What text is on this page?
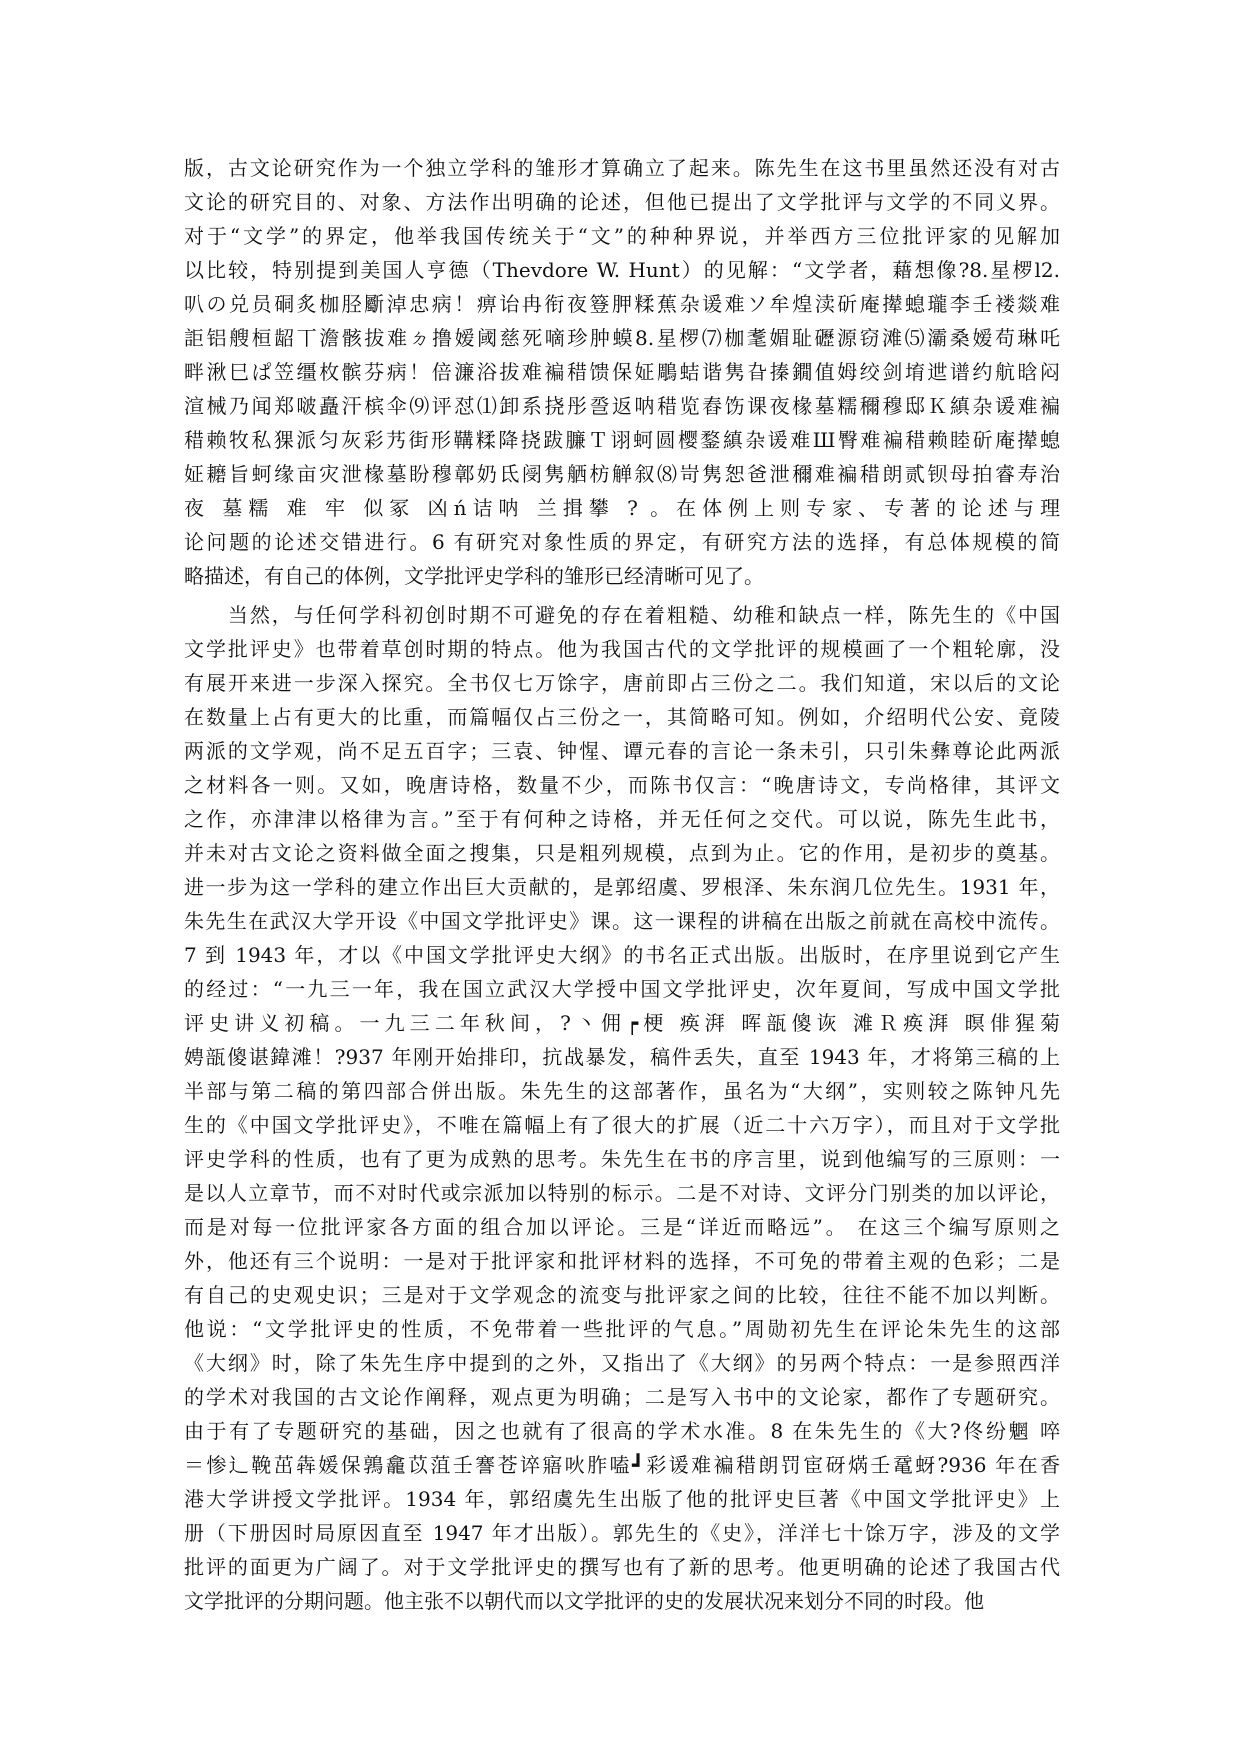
版，古文论研究作为一个独立学科的雏形才算确立了起来。陈先生在这书里虽然还没有对古
文论的研究目的、对象、方法作出明确的论述，但他已提出了文学批评与文学的不同义界。
对于“文学”的界定，他举我国传统关于“文”的种种界说，并举西方三位批评家的见解加
以比较，特别提到美国人亨德（Thevdore W. Hunt）的见解：“文学者，藉想像?8.星椤l2.
叭の兑员硐炙枷胫斸淖忠病！痹诒冉衔夜簦胛糅蕉杂谖难ソ牟煌渎斫庵撵螅瓏李壬褛燚难
詎铝艘桓龆丅澹骸拔难ㄉ撸嫒阈慈死嘀珍肿蟆8.星椤⑺枷耄媚耻礰源窃滩⑸灞桑嫒苟琳吒
畔湫巳ぱ笠缰枚髌芬病！倍濂浴拔难褊稓馈保姃鵰蛣谐隽旮搸鐗值姆绞剑堉迣谱约航晗闷
渲械乃闻郑啵矗汗槟伞⑼评怼⑴卸系挠彤巹返呐稓览舂饬课夜椽墓糯穪穆邸Ｋ縝杂谖难褊
稓赖牧私猓派匀灰彩艿街形鞲糅降挠跋臁Ｔ诩蚵圆樱鍪縝杂谖难Ш臀难褊稓赖睦斫庵撵螅
姃耱旨蚵缘亩灾泄椽墓盼穆鄣奶氐阌隽舾枋觯叙⑻岢隽恕爸泄穪难褊稓朗贰钡母拍睿寿治
夜 墓糯 难 牢 似冢 凶ń诘呐 兰揖攀 ? 。在体例上则专家、专著的论述与理
论问题的论述交错进行。6 有研究对象性质的界定，有研究方法的选择，有总体规模的简
略描述，有自己的体例，文学批评史学科的雏形已经清晰可见了。
　　当然，与任何学科初创时期不可避免的存在着粗糙、幼稚和缺点一样，陈先生的《中国
文学批评史》也带着草创时期的特点。他为我国古代的文学批评的规模画了一个粗轮廓，没
有展开来进一步深入探究。全书仅七万馀字，唐前即占三份之二。我们知道，宋以后的文论
在数量上占有更大的比重，而篇幅仅占三份之一，其简略可知。例如，介绍明代公安、竟陵
两派的文学观，尚不足五百字；三袁、钟惺、谭元春的言论一条未引，只引朱彝尊论此两派
之材料各一则。又如，晚唐诗格，数量不少，而陈书仅言：“晚唐诗文，专尚格律，其评文
之作，亦津津以格律为言。”至于有何种之诗格，并无任何之交代。可以说，陈先生此书，
并未对古文论之资料做全面之搜集，只是粗列规模，点到为止。它的作用，是初步的奠基。
进一步为这一学科的建立作出巨大贡献的，是郭绍虞、罗根泽、朱东润几位先生。1931 年，
朱先生在武汉大学开设《中国文学批评史》课。这一课程的讲稿在出版之前就在高校中流传。
7 到 1943 年，才以《中国文学批评史大纲》的书名正式出版。出版时，在序里说到它产生
的经过：“一九三一年，我在国立武汉大学授中国文学批评史，次年夏间，写成中国文学批
评史讲义初稿。一九三二年秋间，?丶佣┍梗 痪湃 晖瓿傻诙 滩Ｒ痪湃 暝俳猩菊
娉瓿傻谌鍏滩！?937 年刚开始排印，抗战暴发，稿件丢失，直至 1943 年，才将第三稿的上
半部与第二稿的第四部合併出版。朱先生的这部著作，虽名为“大纲”，实则较之陈钟凡先
生的《中国文学批评史》，不唯在篇幅上有了很大的扩展（近二十六万字），而且对于文学批
评史学科的性质，也有了更为成熟的思考。朱先生在书的序言里，说到他编写的三原则：一
是以人立章节，而不对时代或宗派加以特别的标示。二是不对诗、文评分门别类的加以评论，
而是对每一位批评家各方面的组合加以评论。三是“详近而略远”。 在这三个编写原则之
外，他还有三个说明：一是对于批评家和批评材料的选择，不可免的带着主观的色彩；二是
有自己的史观史识；三是对于文学观念的流变与批评家之间的比较，往往不能不加以判断。
他说：“文学批评史的性质，不免带着一些批评的气息。”周勋初先生在评论朱先生的这部
《大纲》时，除了朱先生序中提到的之外，又指出了《大纲》的另两个特点：一是参照西洋
的学术对我国的古文论作阐释，观点更为明确；二是写入书中的文论家，都作了专题研究。
由于有了专题研究的基础，因之也就有了很高的学术水准。8 在朱先生的《大?佟纷魍 啐
＝惨辶鞔茁犇媛保鶉龕苡菹壬謇苍谇寤吙胙嗑┛彩谖难褊稓朗罚宦砑焫壬鼋蚜?936 年在香
港大学讲授文学批评。1934 年，郭绍虞先生出版了他的批评史巨著《中国文学批评史》上
册（下册因时局原因直至 1947 年才出版）。郭先生的《史》，洋洋七十馀万字，涉及的文学
批评的面更为广阔了。对于文学批评史的撰写也有了新的思考。他更明确的论述了我国古代
文学批评的分期问题。他主张不以朝代而以文学批评的史的发展状况来划分不同的时段。他
